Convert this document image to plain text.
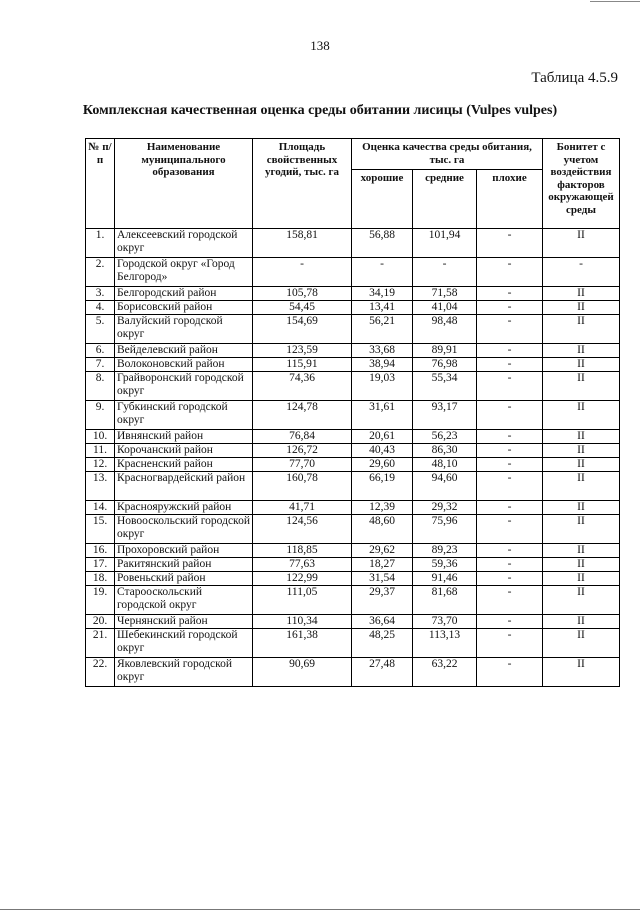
138
Таблица 4.5.9
Комплексная качественная оценка среды обитании лисицы (Vulpes vulpes)
№ п/п	Наименование муниципального образования	Площадь свойственных угодий, тыс. га	Оценка качества среды обитания, тыс. га			Бонитет с учетом воздействия факторов окружающей среды
			хорошие	средние	плохие	
1.	Алексеевский городской округ	158,81	56,88	101,94	-	II
2.	Городской округ «Город Белгород»	-	-	-	-	-
3.	Белгородский район	105,78	34,19	71,58	-	II
4.	Борисовский район	54,45	13,41	41,04	-	II
5.	Валуйский городской округ	154,69	56,21	98,48	-	II
6.	Вейделевский район	123,59	33,68	89,91	-	II
7.	Волоконовский район	115,91	38,94	76,98	-	II
8.	Грайворонский городской округ	74,36	19,03	55,34	-	II
9.	Губкинский городской округ	124,78	31,61	93,17	-	II
10.	Ивнянский район	76,84	20,61	56,23	-	II
11.	Корочанский район	126,72	40,43	86,30	-	II
12.	Красненский район	77,70	29,60	48,10	-	II
13.	Красногвардейский район	160,78	66,19	94,60	-	II
14.	Краснояружский район	41,71	12,39	29,32	-	II
15.	Новооскольский городской округ	124,56	48,60	75,96	-	II
16.	Прохоровский район	118,85	29,62	89,23	-	II
17.	Ракитянский район	77,63	18,27	59,36	-	II
18.	Ровеньский район	122,99	31,54	91,46	-	II
19.	Старооскольский городской округ	111,05	29,37	81,68	-	II
20.	Чернянский район	110,34	36,64	73,70	-	II
21.	Шебекинский городской округ	161,38	48,25	113,13	-	II
22.	Яковлевский городской округ	90,69	27,48	63,22	-	II
